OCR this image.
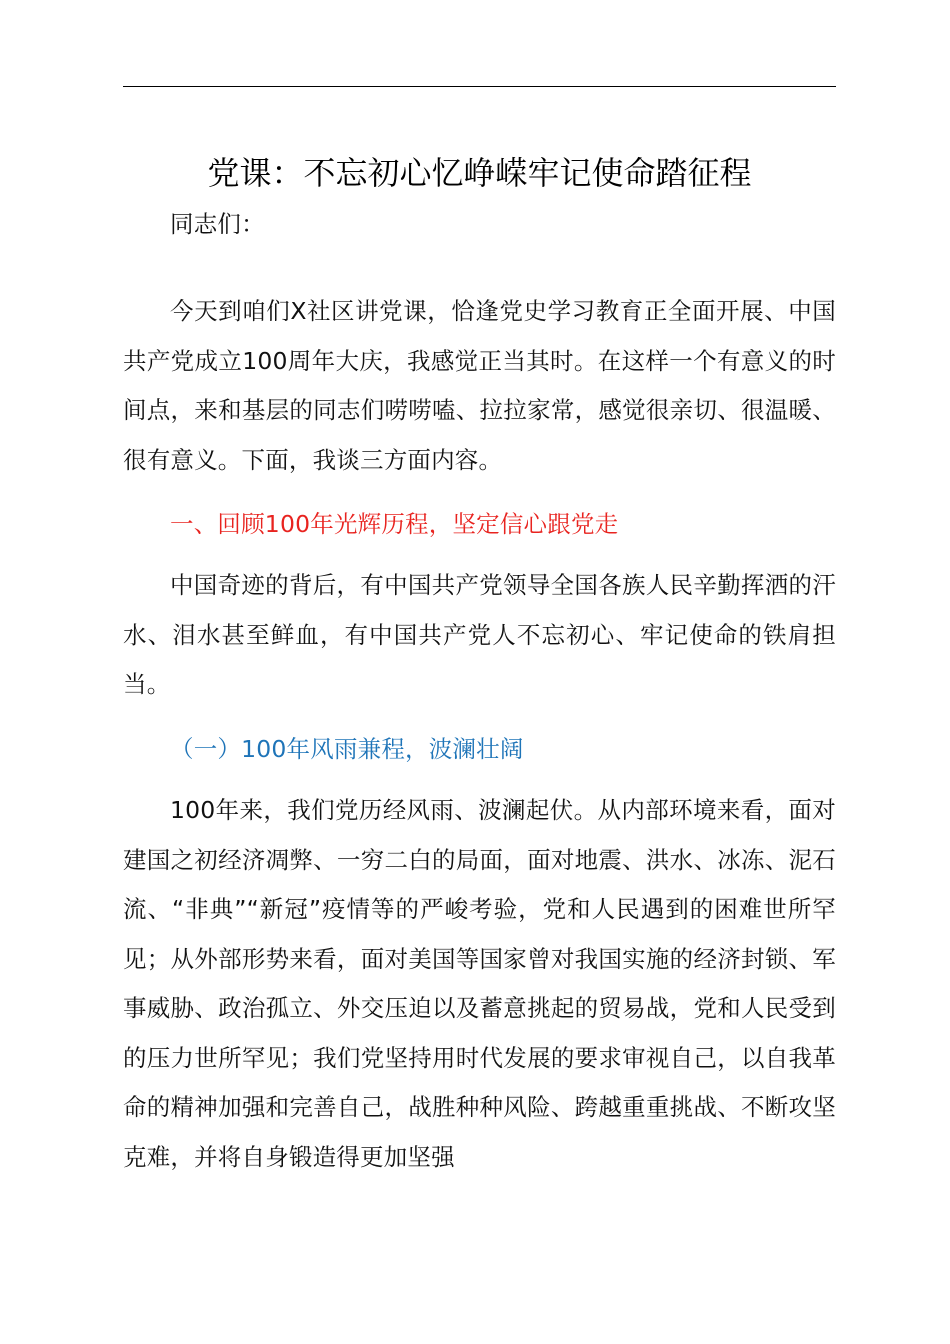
党课：不忘初心忆峥嵘牢记使命踏征程

同志们：

今天到咱们X社区讲党课，恰逢党史学习教育正全面开展、中国共产党成立100周年大庆，我感觉正当其时。在这样一个有意义的时间点，来和基层的同志们唠唠嗑、拉拉家常，感觉很亲切、很温暖、很有意义。下面，我谈三方面内容。

一、回顾100年光辉历程，坚定信心跟党走

中国奇迹的背后，有中国共产党领导全国各族人民辛勤挥洒的汗水、泪水甚至鲜血，有中国共产党人不忘初心、牢记使命的铁肩担当。

（一）100年风雨兼程，波澜壮阔

100年来，我们党历经风雨、波澜起伏。从内部环境来看，面对建国之初经济凋弊、一穷二白的局面，面对地震、洪水、冰冻、泥石流、“非典”“新冠”疫情等的严峻考验，党和人民遇到的困难世所罕见；从外部形势来看，面对美国等国家曾对我国实施的经济封锁、军事威胁、政治孤立、外交压迫以及蓄意挑起的贸易战，党和人民受到的压力世所罕见；我们党坚持用时代发展的要求审视自己，以自我革命的精神加强和完善自己，战胜种种风险、跨越重重挑战、不断攻坚克难，并将自身锻造得更加坚强
